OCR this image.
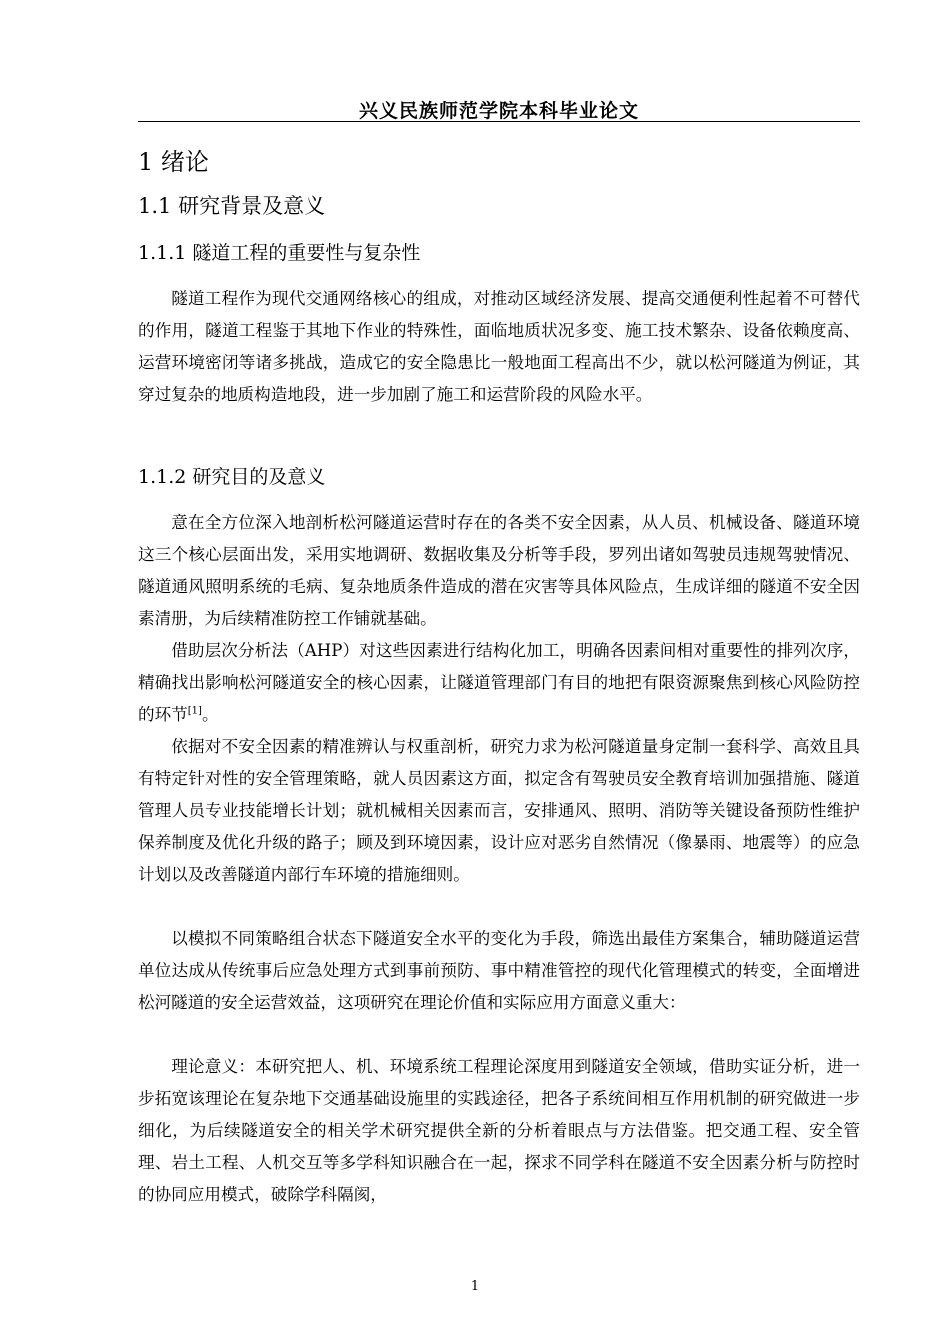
兴义民族师范学院本科毕业论文
1 绪论
1.1 研究背景及意义
1.1.1 隧道工程的重要性与复杂性

隧道工程作为现代交通网络核心的组成，对推动区域经济发展、提高交通便利性起着不可替代的作用，隧道工程鉴于其地下作业的特殊性，面临地质状况多变、施工技术繁杂、设备依赖度高、运营环境密闭等诸多挑战，造成它的安全隐患比一般地面工程高出不少，就以松河隧道为例证，其穿过复杂的地质构造地段，进一步加剧了施工和运营阶段的风险水平。

1.1.2 研究目的及意义

意在全方位深入地剖析松河隧道运营时存在的各类不安全因素，从人员、机械设备、隧道环境这三个核心层面出发，采用实地调研、数据收集及分析等手段，罗列出诸如驾驶员违规驾驶情况、隧道通风照明系统的毛病、复杂地质条件造成的潜在灾害等具体风险点，生成详细的隧道不安全因素清册，为后续精准防控工作铺就基础。

借助层次分析法（AHP）对这些因素进行结构化加工，明确各因素间相对重要性的排列次序，精确找出影响松河隧道安全的核心因素，让隧道管理部门有目的地把有限资源聚焦到核心风险防控的环节[1]。

依据对不安全因素的精准辨认与权重剖析，研究力求为松河隧道量身定制一套科学、高效且具有特定针对性的安全管理策略，就人员因素这方面，拟定含有驾驶员安全教育培训加强措施、隧道管理人员专业技能增长计划；就机械相关因素而言，安排通风、照明、消防等关键设备预防性维护保养制度及优化升级的路子；顾及到环境因素，设计应对恶劣自然情况（像暴雨、地震等）的应急计划以及改善隧道内部行车环境的措施细则。

以模拟不同策略组合状态下隧道安全水平的变化为手段，筛选出最佳方案集合，辅助隧道运营单位达成从传统事后应急处理方式到事前预防、事中精准管控的现代化管理模式的转变，全面增进松河隧道的安全运营效益，这项研究在理论价值和实际应用方面意义重大：

理论意义：本研究把人、机、环境系统工程理论深度用到隧道安全领域，借助实证分析，进一步拓宽该理论在复杂地下交通基础设施里的实践途径，把各子系统间相互作用机制的研究做进一步细化，为后续隧道安全的相关学术研究提供全新的分析着眼点与方法借鉴。把交通工程、安全管理、岩土工程、人机交互等多学科知识融合在一起，探求不同学科在隧道不安全因素分析与防控时的协同应用模式，破除学科隔阂，

1
